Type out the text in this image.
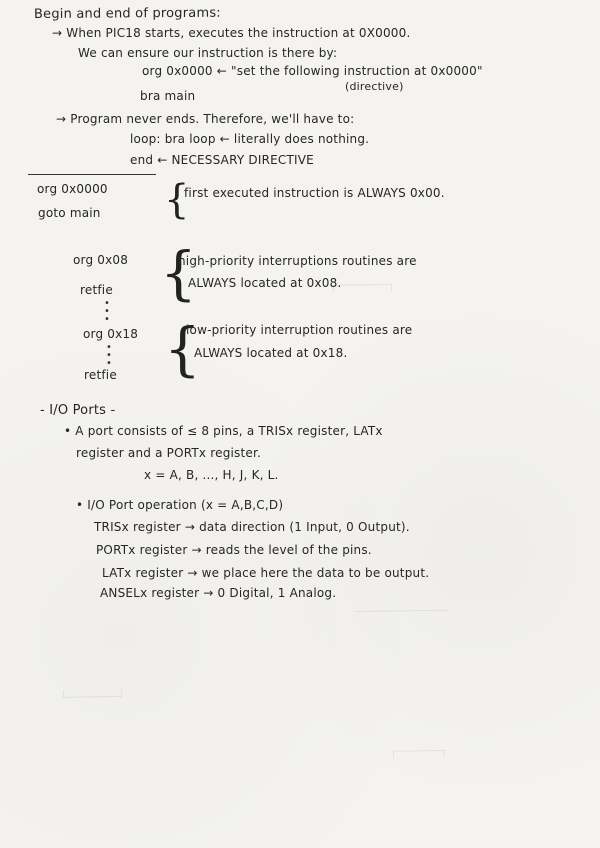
┌───────┐
─────────────
┌──────┐
└───────┘
Begin and end of programs:
→ When PIC18 starts, executes the instruction at 0X0000.
We can ensure our instruction is there by:
org 0x0000 ← "set the following instruction at 0x0000"
(directive)
bra main
→ Program never ends. Therefore, we'll have to:
loop: bra loop ← literally does nothing.
end ← NECESSARY DIRECTIVE
org 0x0000
goto main {
first executed instruction is ALWAYS 0x00.
org 0x08 {
high-priority interruptions routines are
ALWAYS located at 0x08.
retfie
•
•
•
org 0x18 {
low-priority interruption routines are
ALWAYS located at 0x18.
•
•
•
retfie
- I/O Ports -
• A port consists of ≤ 8 pins, a TRISx register, LATx
register and a PORTx register.
x = A, B, ..., H, J, K, L.
• I/O Port operation (x = A,B,C,D)
TRISx register → data direction (1 Input, 0 Output).
PORTx register → reads the level of the pins.
LATx register → we place here the data to be output.
ANSELx register → 0 Digital, 1 Analog.
